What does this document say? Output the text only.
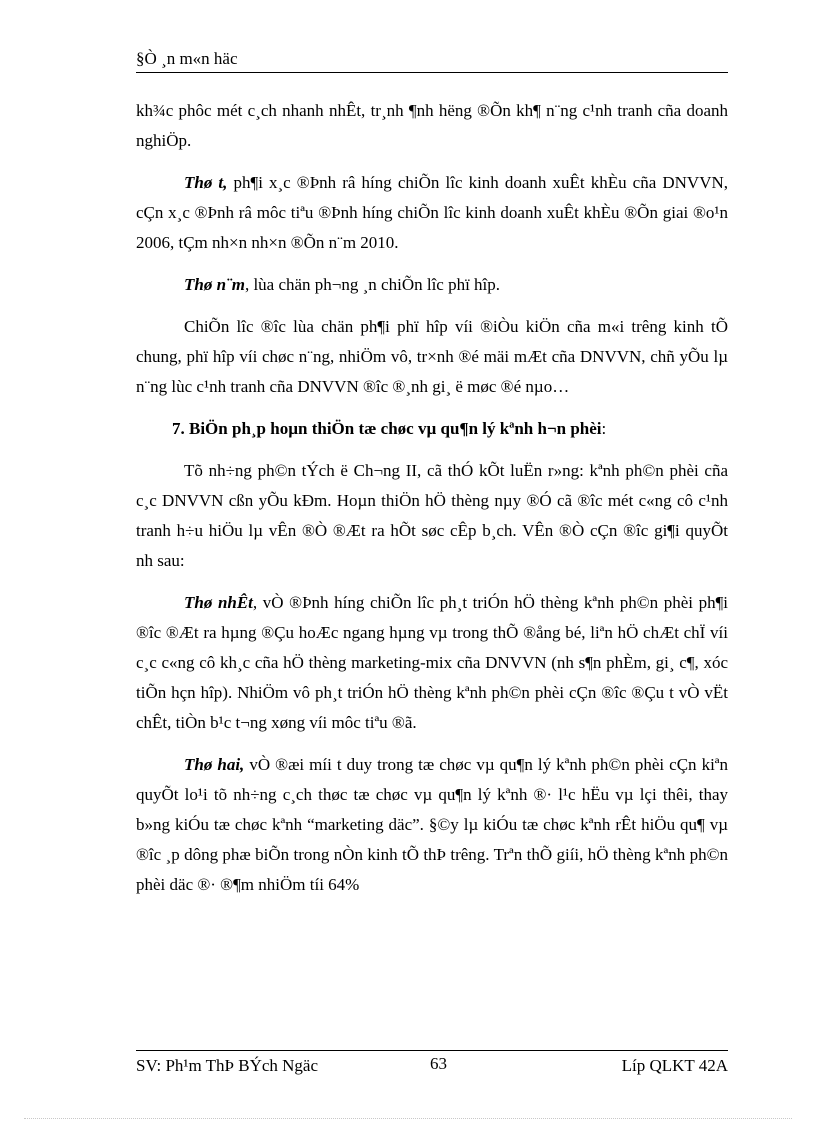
§Ò ¸n m«n häc

kh¾c phôc mét c¸ch nhanh nhÊt, tr¸nh ¶nh hëng ®Õn kh¶ n¨ng c¹nh tranh cña doanh nghiÖp.

Thø t, ph¶i x¸c ®Þnh râ híng chiÕn lîc kinh doanh xuÊt khÈu cña DNVVN, cÇn x¸c ®Þnh râ môc tiªu ®Þnh híng chiÕn lîc kinh doanh xuÊt khÈu ®Õn giai ®o¹n 2006, tÇm nh×n nh×n ®Õn n¨m 2010.

Thø n¨m, lùa chän ph¬ng ¸n chiÕn lîc phï hîp.

ChiÕn lîc ®îc lùa chän ph¶i phï hîp víi ®iÒu kiÖn cña m«i trêng kinh tÕ chung, phï hîp víi chøc n¨ng, nhiÖm vô, tr×nh ®é mäi mÆt cña DNVVN, chñ yÕu lµ n¨ng lùc c¹nh tranh cña DNVVN ®îc ®¸nh gi¸ ë møc ®é nµo…

7. BiÖn ph¸p hoµn thiÖn tæ chøc vµ qu¶n lý kªnh h¬n phèi:

Tõ nh÷ng ph©n tÝch ë Ch¬ng II, cã thÓ kÕt luËn r»ng: kªnh ph©n phèi cña c¸c DNVVN cßn yÕu kÐm. Hoµn thiÖn hÖ thèng nµy ®Ó cã ®îc mét c«ng cô c¹nh tranh h÷u hiÖu lµ vÊn ®Ò ®Æt ra hÕt søc cÊp b¸ch. VÊn ®Ò cÇn ®îc gi¶i quyÕt nh sau:

Thø nhÊt, vÒ ®Þnh híng chiÕn lîc ph¸t triÓn hÖ thèng kªnh ph©n phèi ph¶i ®îc ®Æt ra hµng ®Çu hoÆc ngang hµng vµ trong thÕ ®ång bé, liªn hÖ chÆt chÏ víi c¸c c«ng cô kh¸c cña hÖ thèng marketing-mix cña DNVVN (nh s¶n phÈm, gi¸ c¶, xóc tiÕn hçn hîp). NhiÖm vô ph¸t triÓn hÖ thèng kªnh ph©n phèi cÇn ®îc ®Çu t vÒ vËt chÊt, tiÒn b¹c t¬ng xøng víi môc tiªu ®ã.

Thø hai, vÒ ®æi míi t duy trong tæ chøc vµ qu¶n lý kªnh ph©n phèi cÇn kiªn quyÕt lo¹i tõ nh÷ng c¸ch thøc tæ chøc vµ qu¶n lý kªnh ®· l¹c hËu vµ lçi thêi, thay b»ng kiÓu tæ chøc kªnh “marketing däc”. §©y lµ kiÓu tæ chøc kªnh rÊt hiÖu qu¶ vµ ®îc ¸p dông phæ biÕn trong nÒn kinh tÕ thÞ trêng. Trªn thÕ giíi, hÖ thèng kªnh ph©n phèi däc ®· ®¶m nhiÖm tíi 64%

SV: Ph¹m ThÞ BÝch Ngäc	63	Líp QLKT 42A
